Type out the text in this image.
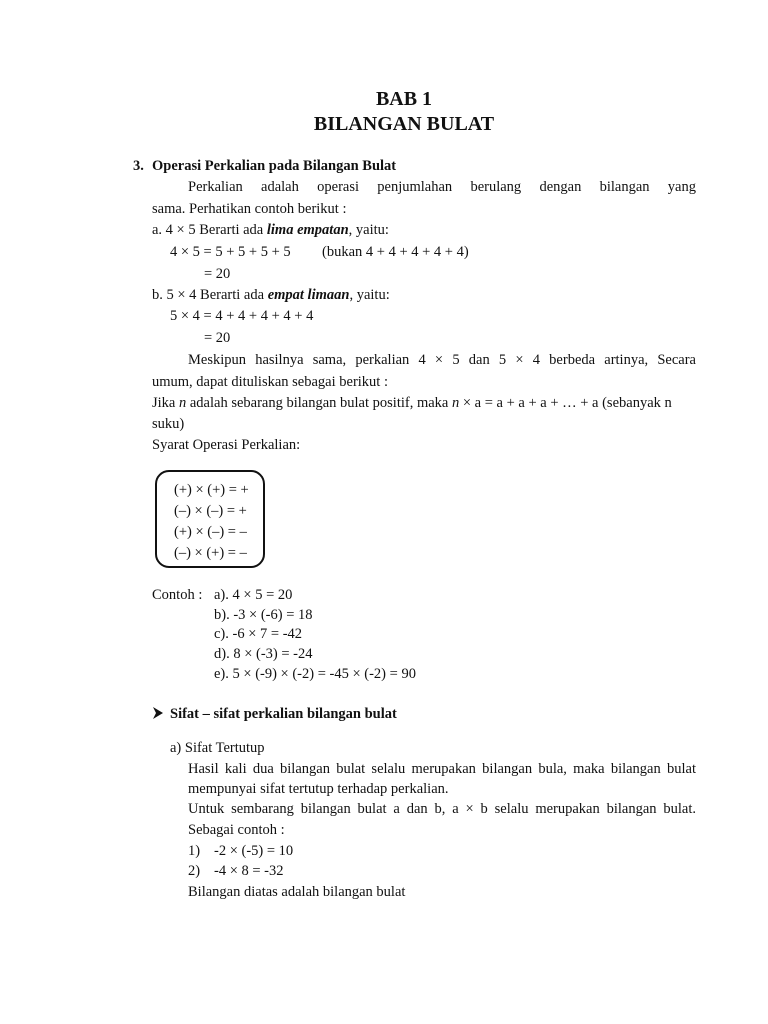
BAB 1
BILANGAN BULAT
3. Operasi Perkalian pada Bilangan Bulat
Perkalian adalah operasi penjumlahan berulang dengan bilangan yang
sama. Perhatikan contoh berikut :
a. 4 × 5 Berarti ada lima empatan, yaitu:
4 × 5 = 5 + 5 + 5 + 5 (bukan 4 + 4 + 4 + 4 + 4)
= 20
b. 5 × 4 Berarti ada empat limaan, yaitu:
5 × 4 = 4 + 4 + 4 + 4 + 4
= 20
Meskipun hasilnya sama, perkalian 4 × 5 dan 5 × 4 berbeda artinya, Secara
umum, dapat dituliskan sebagai berikut :
Jika n adalah sebarang bilangan bulat positif, maka n × a = a + a + a + … + a (sebanyak n
suku)
Syarat Operasi Perkalian:
(+) × (+) = +
(–) × (–) = +
(+) × (–) = –
(–) × (+) = –
Contoh : a). 4 × 5 = 20
b). -3 × (-6) = 18
c). -6 × 7 = -42
d). 8 × (-3) = -24
e). 5 × (-9) × (-2) = -45 × (-2) = 90
Sifat – sifat perkalian bilangan bulat
a) Sifat Tertutup
Hasil kali dua bilangan bulat selalu merupakan bilangan bula, maka bilangan bulat
mempunyai sifat tertutup terhadap perkalian.
Untuk sembarang bilangan bulat a dan b, a × b selalu merupakan bilangan bulat.
Sebagai contoh :
1) -2 × (-5) = 10
2) -4 × 8 = -32
Bilangan diatas adalah bilangan bulat
